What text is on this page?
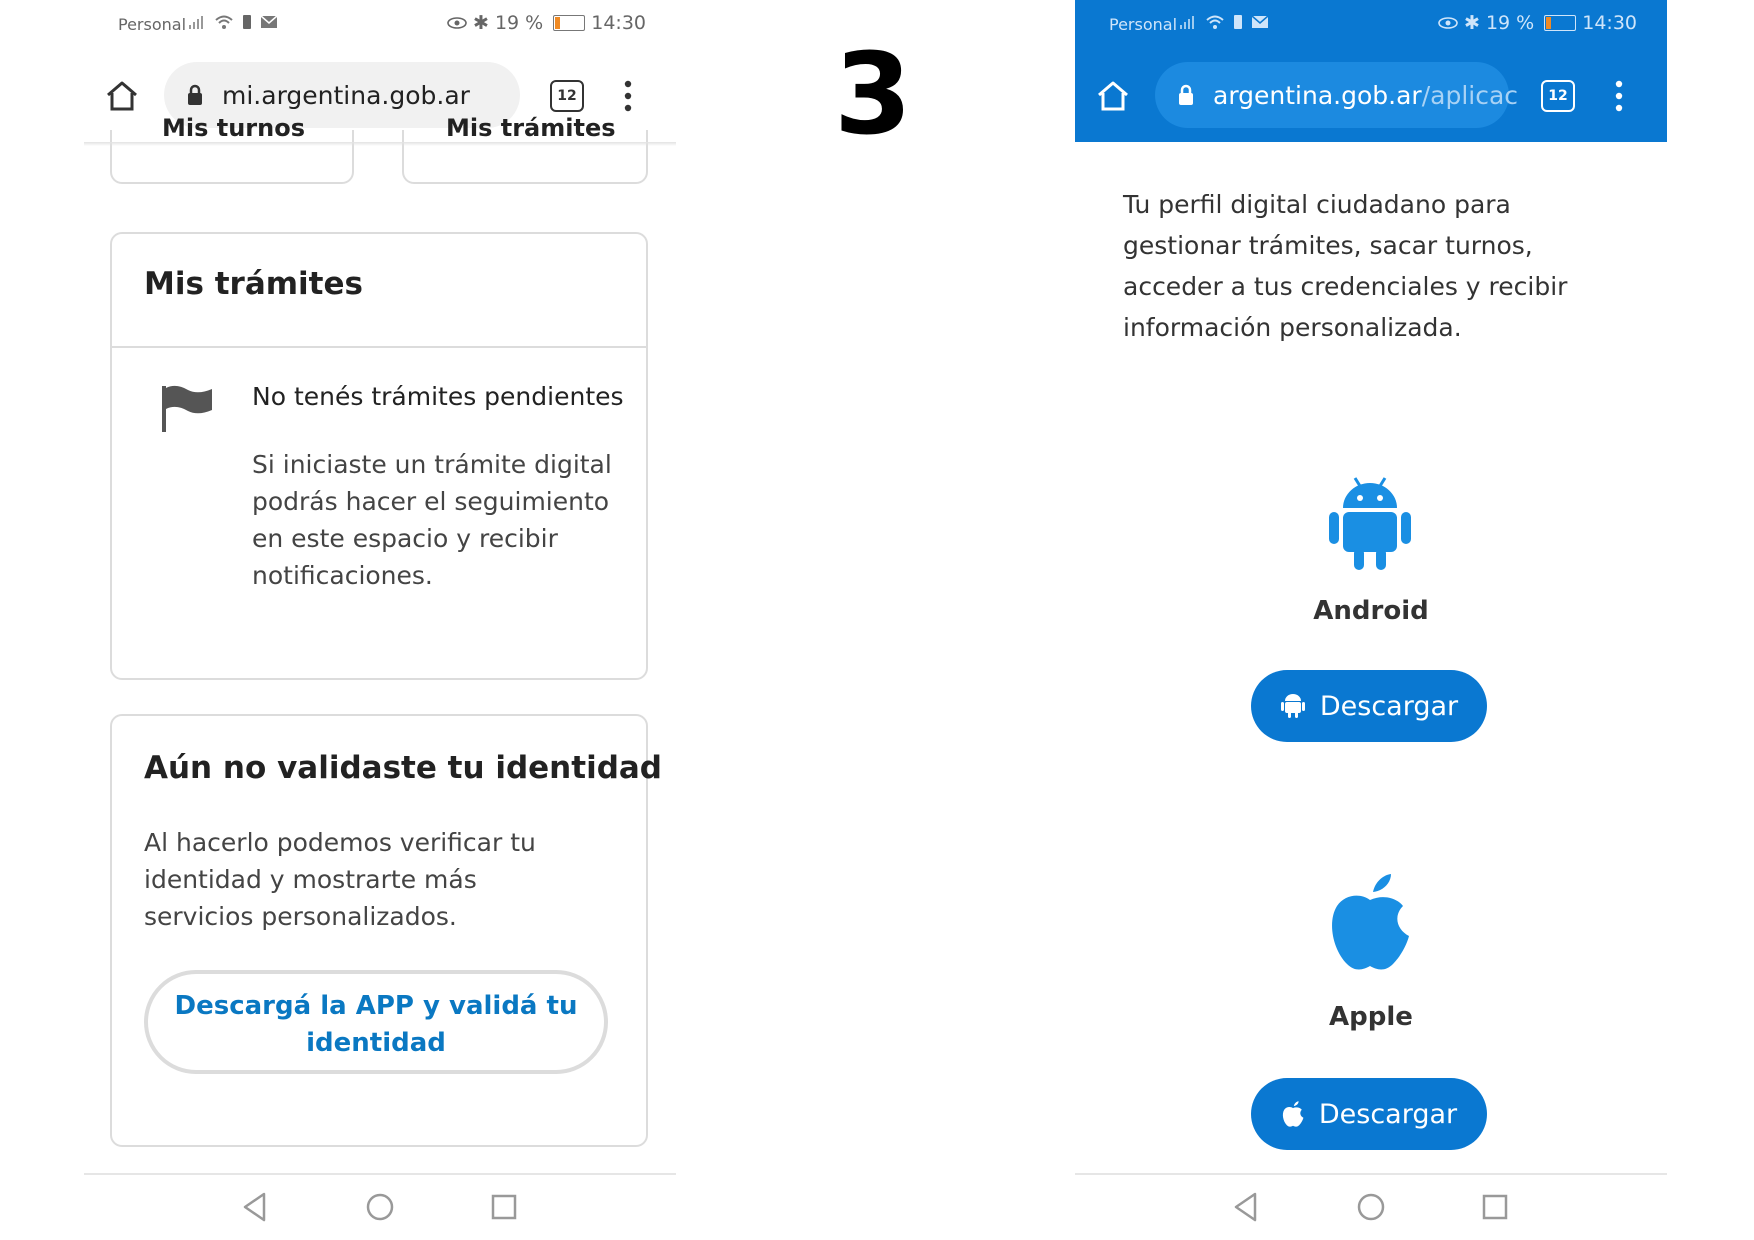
Personal	✱ 19 %	14:30
mi.argentina.gob.ar	12
Mis turnos	Mis trámites
Mis trámites
No tenés trámites pendientes
Si iniciaste un trámite digital podrás hacer el seguimiento en este espacio y recibir notificaciones.
Aún no validaste tu identidad
Al hacerlo podemos verificar tu identidad y mostrarte más servicios personalizados.
Descargá la APP y validá tu identidad
3
Personal	✱ 19 %	14:30
argentina.gob.ar/aplicac	12
Tu perfil digital ciudadano para gestionar trámites, sacar turnos, acceder a tus credenciales y recibir información personalizada.
Android
Descargar
Apple
Descargar
